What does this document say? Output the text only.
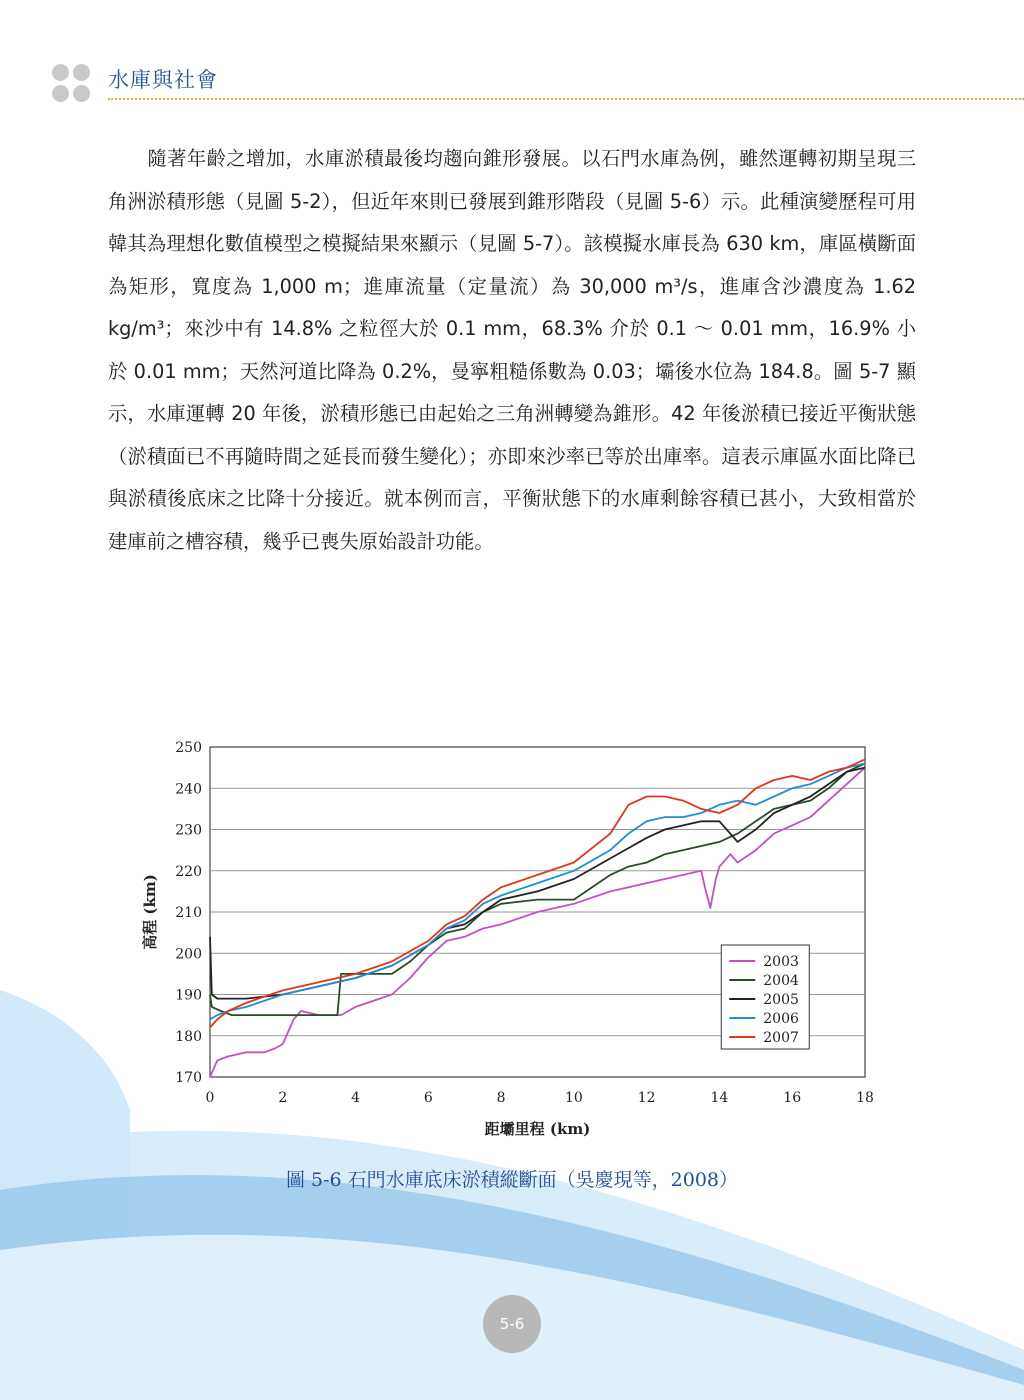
水庫與社會

　　隨著年齡之增加，水庫淤積最後均趨向錐形發展。以石門水庫為例，雖然運轉初期呈現三角洲淤積形態（見圖 5-2），但近年來則已發展到錐形階段（見圖 5-6）示。此種演變歷程可用韓其為理想化數值模型之模擬結果來顯示（見圖 5-7）。該模擬水庫長為 630 km，庫區橫斷面為矩形，寬度為 1,000 m；進庫流量（定量流）為 30,000 m³/s，進庫含沙濃度為 1.62 kg/m³；來沙中有 14.8% 之粒徑大於 0.1 mm，68.3% 介於 0.1 ～ 0.01 mm，16.9% 小於 0.01 mm；天然河道比降為 0.2%，曼寧粗糙係數為 0.03；壩後水位為 184.8。圖 5-7 顯示，水庫運轉 20 年後，淤積形態已由起始之三角洲轉變為錐形。42 年後淤積已接近平衡狀態（淤積面已不再隨時間之延長而發生變化）；亦即來沙率已等於出庫率。這表示庫區水面比降已與淤積後底床之比降十分接近。就本例而言，平衡狀態下的水庫剩餘容積已甚小，大致相當於建庫前之槽容積，幾乎已喪失原始設計功能。

170
180
190
200
210
220
230
240
250
0	2	4	6	8	10	12	14	16	18
距壩里程 (km)
高程 (km)
2003
2004
2005
2006
2007
圖 5-6 石門水庫底床淤積縱斷面（吳慶現等，2008）
5-6
